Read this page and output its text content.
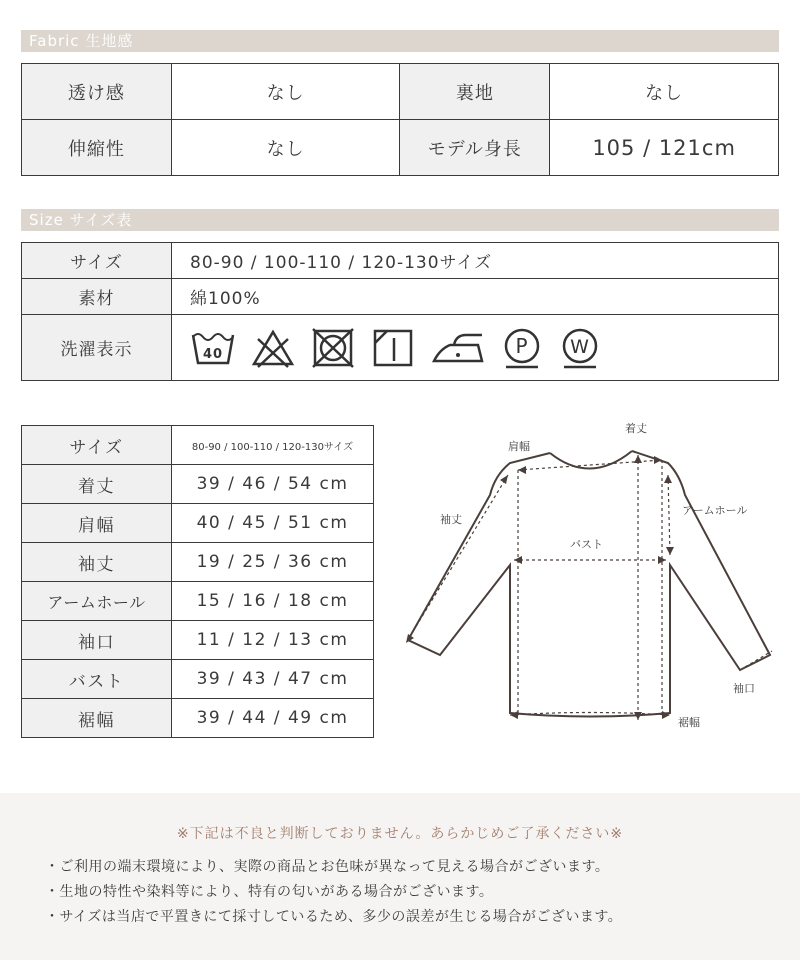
Fabric 生地感
透け感	なし	裏地	なし
伸縮性	なし	モデル身長	105 / 121cm
Size サイズ表
サイズ	80-90 / 100-110 / 120-130サイズ
素材	綿100%
洗濯表示	40 P W
サイズ	80-90 / 100-110 / 120-130サイズ
着丈	39 / 46 / 54 cm
肩幅	40 / 45 / 51 cm
袖丈	19 / 25 / 36 cm
アームホール	15 / 16 / 18 cm
袖口	11 / 12 / 13 cm
バスト	39 / 43 / 47 cm
裾幅	39 / 44 / 49 cm
着丈
肩幅
袖丈
アームホール
バスト
袖口
裾幅
※下記は不良と判断しておりません。あらかじめご了承ください※
・ご利用の端末環境により、実際の商品とお色味が異なって見える場合がございます。
・生地の特性や染料等により、特有の匂いがある場合がございます。
・サイズは当店で平置きにて採寸しているため、多少の誤差が生じる場合がございます。
